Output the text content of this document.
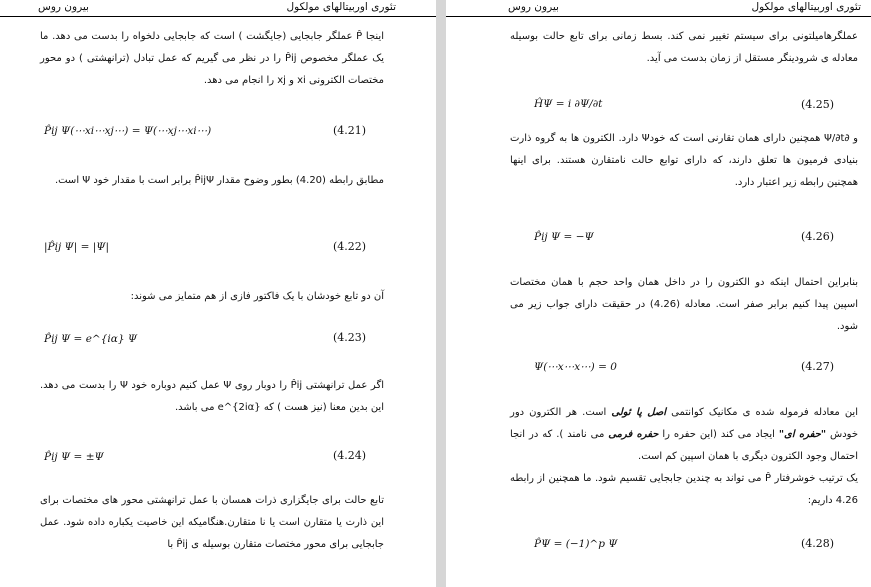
بیرون روس	تئوری اوربیتالهای مولکول
اینجا P̂ عملگر جابجایی (جایگشت ) است که جابجایی دلخواه را بدست می دهد. ما یک عملگر مخصوص P̂ij را در نظر می گیریم که عمل تبادل (ترانهشتی ) دو محور مختصات الکترونی xi و xj را انجام می دهد.
P̂ij Ψ(⋯xi⋯xj⋯) = Ψ(⋯xj⋯xi⋯)	(4.21)
مطابق رابطه (4.20) بطور وضوح مقدار P̂ijΨ برابر است با مقدار خود Ψ است.
|P̂ij Ψ| = |Ψ|	(4.22)
آن دو تابع خودشان با یک فاکتور فازی از هم متمایز می شوند:
P̂ij Ψ = e^{iα} Ψ	(4.23)
اگر عمل ترانهشتی P̂ij را دوبار روی Ψ عمل کنیم دوباره خود Ψ را بدست می دهد. این بدین معنا (نیز هست ) که e^{2iα} می باشد.
P̂ij Ψ = ±Ψ	(4.24)
تابع حالت برای جایگزاری ذرات همسان با عمل ترانهشتی محور های مختصات برای این ذارت یا متقارن است یا نا متقارن.هنگامیکه این خاصیت یکباره داده شود. عمل جابجایی برای محور مختصات متقارن بوسیله ی P̂ij با
بیرون روس	تئوری اوربیتالهای مولکول
عملگرهامیلتونی برای سیستم تغییر نمی کند. بسط زمانی برای تابع حالت بوسیله معادله ی شرودینگر مستقل از زمان بدست می آید.
ĤΨ = i ∂Ψ/∂t	(4.25)
و ∂Ψ/∂t همچنین دارای همان تقارنی است که خودΨ دارد. الکترون ها به گروه ذارت بنیادی فرمیون ها تعلق دارند، که دارای توابع حالت نامتقارن هستند. برای اینها همچنین رابطه زیر اعتبار دارد.
P̂ij Ψ = −Ψ	(4.26)
بنابراین احتمال اینکه دو الکترون را در داخل همان واحد حجم با همان مختصات اسپین پیدا کنیم برابر صفر است. معادله (4.26) در حقیقت دارای جواب زیر می شود.
Ψ(⋯x⋯x⋯) = 0	(4.27)
این معادله فرموله شده ی مکانیک کوانتمی اصل پا ئولی است. هر الکترون دور خودش "حفره ای" ایجاد می کند (این حفره را حفره فرمی می نامند ). که در انجا احتمال وجود الکترون دیگری با همان اسپین کم است.
یک ترتیب خوشرفتار P̂ می تواند به چندین جابجایی تقسیم شود. ما همچنین از رابطه 4.26 داریم:
P̂Ψ = (−1)^p Ψ	(4.28)
